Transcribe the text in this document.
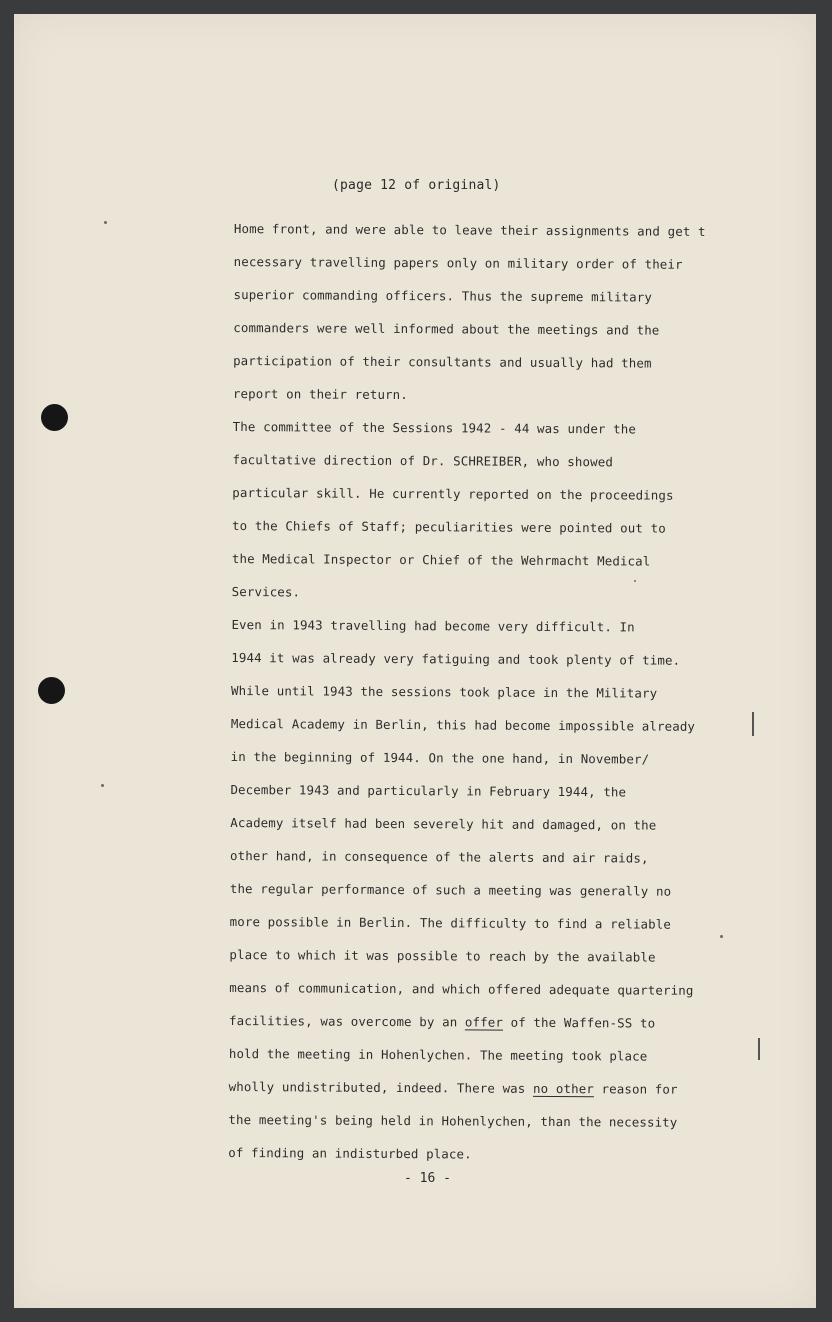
(page 12 of original)
Home front, and were able to leave their assignments and get t
necessary travelling papers only on military order of their
superior commanding officers. Thus the supreme military
commanders were well informed about the meetings and the
participation of their consultants and usually had them
report on their return.
The committee of the Sessions 1942 - 44 was under the
facultative direction of Dr. SCHREIBER, who showed
particular skill. He currently reported on the proceedings
to the Chiefs of Staff; peculiarities were pointed out to
the Medical Inspector or Chief of the Wehrmacht Medical
Services.
Even in 1943 travelling had become very difficult. In
1944 it was already very fatiguing and took plenty of time.
While until 1943 the sessions took place in the Military
Medical Academy in Berlin, this had become impossible already
in the beginning of 1944. On the one hand, in November/
December 1943 and particularly in February 1944, the
Academy itself had been severely hit and damaged, on the
other hand, in consequence of the alerts and air raids,
the regular performance of such a meeting was generally no
more possible in Berlin. The difficulty to find a reliable
place to which it was possible to reach by the available
means of communication, and which offered adequate quartering
facilities, was overcome by an offer of the Waffen-SS to
hold the meeting in Hohenlychen. The meeting took place
wholly undistributed, indeed. There was no other reason for
the meeting's being held in Hohenlychen, than the necessity
of finding an indisturbed place.
- 16 -
